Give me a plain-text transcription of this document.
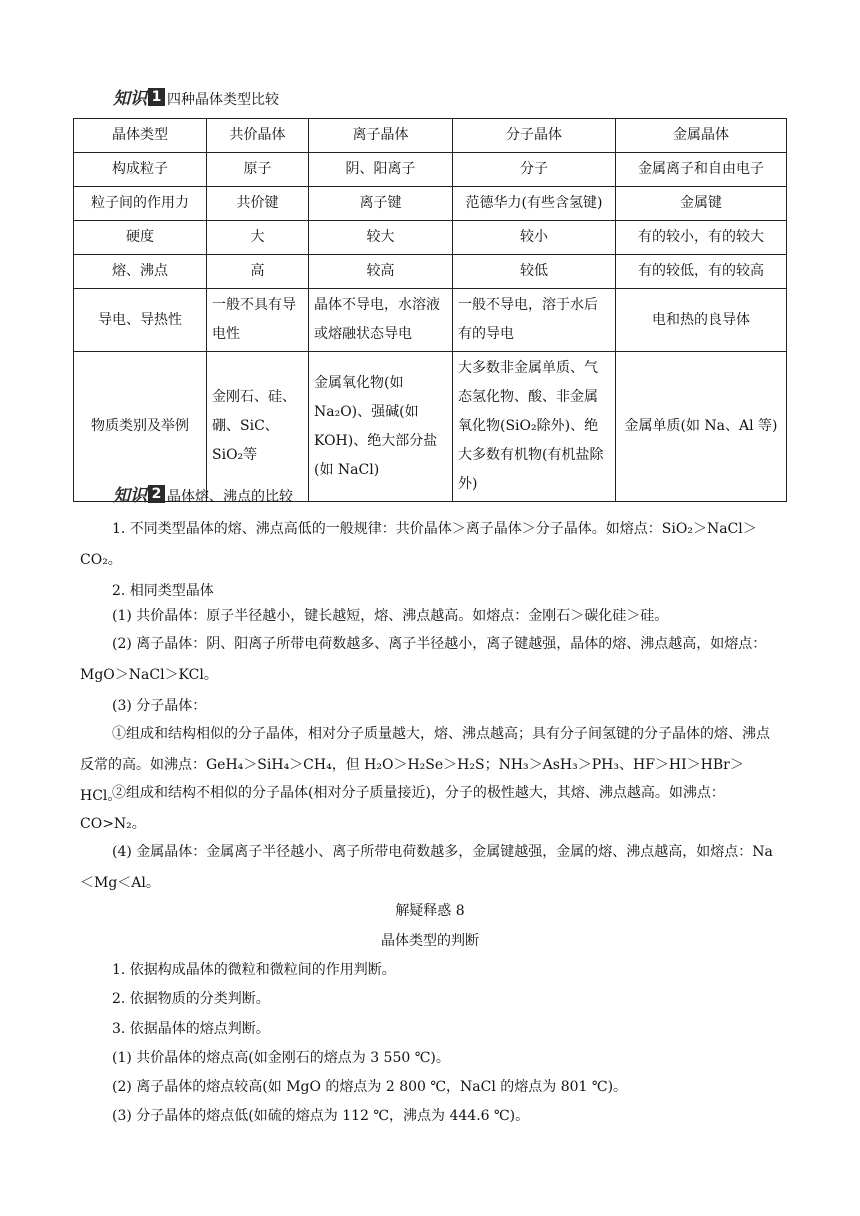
知识 1 四种晶体类型比较
晶体类型	共价晶体	离子晶体	分子晶体	金属晶体
构成粒子	原子	阴、阳离子	分子	金属离子和自由电子
粒子间的作用力	共价键	离子键	范德华力(有些含氢键)	金属键
硬度	大	较大	较小	有的较小，有的较大
熔、沸点	高	较高	较低	有的较低，有的较高
导电、导热性	一般不具有导电性	晶体不导电，水溶液或熔融状态导电	一般不导电，溶于水后有的导电	电和热的良导体
物质类别及举例	金刚石、硅、硼、SiC、SiO₂等	金属氧化物(如Na₂O)、强碱(如KOH)、绝大部分盐(如 NaCl)	大多数非金属单质、气态氢化物、酸、非金属氧化物(SiO₂除外)、绝大多数有机物(有机盐除外)	金属单质(如 Na、Al 等)
知识 2 晶体熔、沸点的比较
1. 不同类型晶体的熔、沸点高低的一般规律：共价晶体＞离子晶体＞分子晶体。如熔点：SiO₂＞NaCl＞CO₂。
2. 相同类型晶体
(1) 共价晶体：原子半径越小，键长越短，熔、沸点越高。如熔点：金刚石＞碳化硅＞硅。
(2) 离子晶体：阴、阳离子所带电荷数越多、离子半径越小，离子键越强，晶体的熔、沸点越高，如熔点：MgO＞NaCl＞KCl。
(3) 分子晶体：
①组成和结构相似的分子晶体，相对分子质量越大，熔、沸点越高；具有分子间氢键的分子晶体的熔、沸点反常的高。如沸点：GeH₄＞SiH₄＞CH₄，但 H₂O＞H₂Se＞H₂S；NH₃＞AsH₃＞PH₃、HF＞HI＞HBr＞HCl。
②组成和结构不相似的分子晶体(相对分子质量接近)，分子的极性越大，其熔、沸点越高。如沸点：CO>N₂。
(4) 金属晶体：金属离子半径越小、离子所带电荷数越多，金属键越强，金属的熔、沸点越高，如熔点：Na＜Mg＜Al。
解疑释惑 8
晶体类型的判断
1. 依据构成晶体的微粒和微粒间的作用判断。
2. 依据物质的分类判断。
3. 依据晶体的熔点判断。
(1) 共价晶体的熔点高(如金刚石的熔点为 3 550 ℃)。
(2) 离子晶体的熔点较高(如 MgO 的熔点为 2 800 ℃，NaCl 的熔点为 801 ℃)。
(3) 分子晶体的熔点低(如硫的熔点为 112 ℃，沸点为 444.6 ℃)。
